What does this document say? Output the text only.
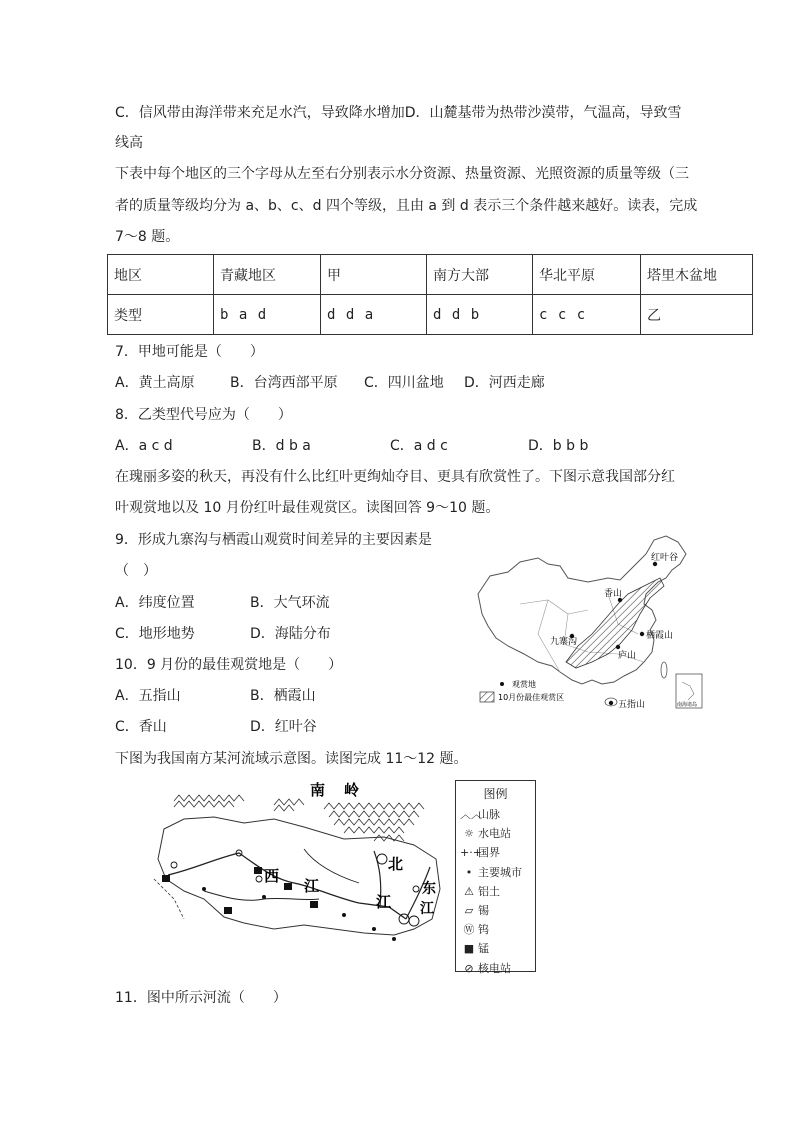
C．信风带由海洋带来充足水汽，导致降水增加D．山麓基带为热带沙漠带，气温高，导致雪
线高
下表中每个地区的三个字母从左至右分别表示水分资源、热量资源、光照资源的质量等级（三
者的质量等级均分为 a、b、c、d 四个等级，且由 a 到 d 表示三个条件越来越好。读表，完成
7～8 题。
地区	青藏地区	甲	南方大部	华北平原	塔里木盆地
类型	b a d	d d a	d d b	c c c	乙
7．甲地可能是（　　）
A．黄土高原	B．台湾西部平原 C．四川盆地 D．河西走廊
8．乙类型代号应为（　　）
A．a c d	B．d b a	C．a d c	D．b b b
在瑰丽多姿的秋天，再没有什么比红叶更绚灿夺目、更具有欣赏性了。下图示意我国部分红
叶观赏地以及 10 月份红叶最佳观赏区。读图回答 9～10 题。
9．形成九寨沟与栖霞山观赏时间差异的主要因素是
（　）
A．纬度位置	B．大气环流
C．地形地势	D．海陆分布
10．9 月份的最佳观赏地是（　　）
A．五指山	B．栖霞山
C．香山	D．红叶谷
红叶谷
香山
九寨沟
庐山
栖霞山
五指山
观赏地
10月份最佳观赏区
南海诸岛
下图为我国南方某河流域示意图。读图完成 11～12 题。
南 岭
西
江
北
江
东
江
图例
︿︿山脉
☼ 水电站
+·+国界
• 主要城市
⚠ 铝土
▱ 锡
Ⓦ 钨
■ 锰
⊘ 核电站
11．图中所示河流（　　）
